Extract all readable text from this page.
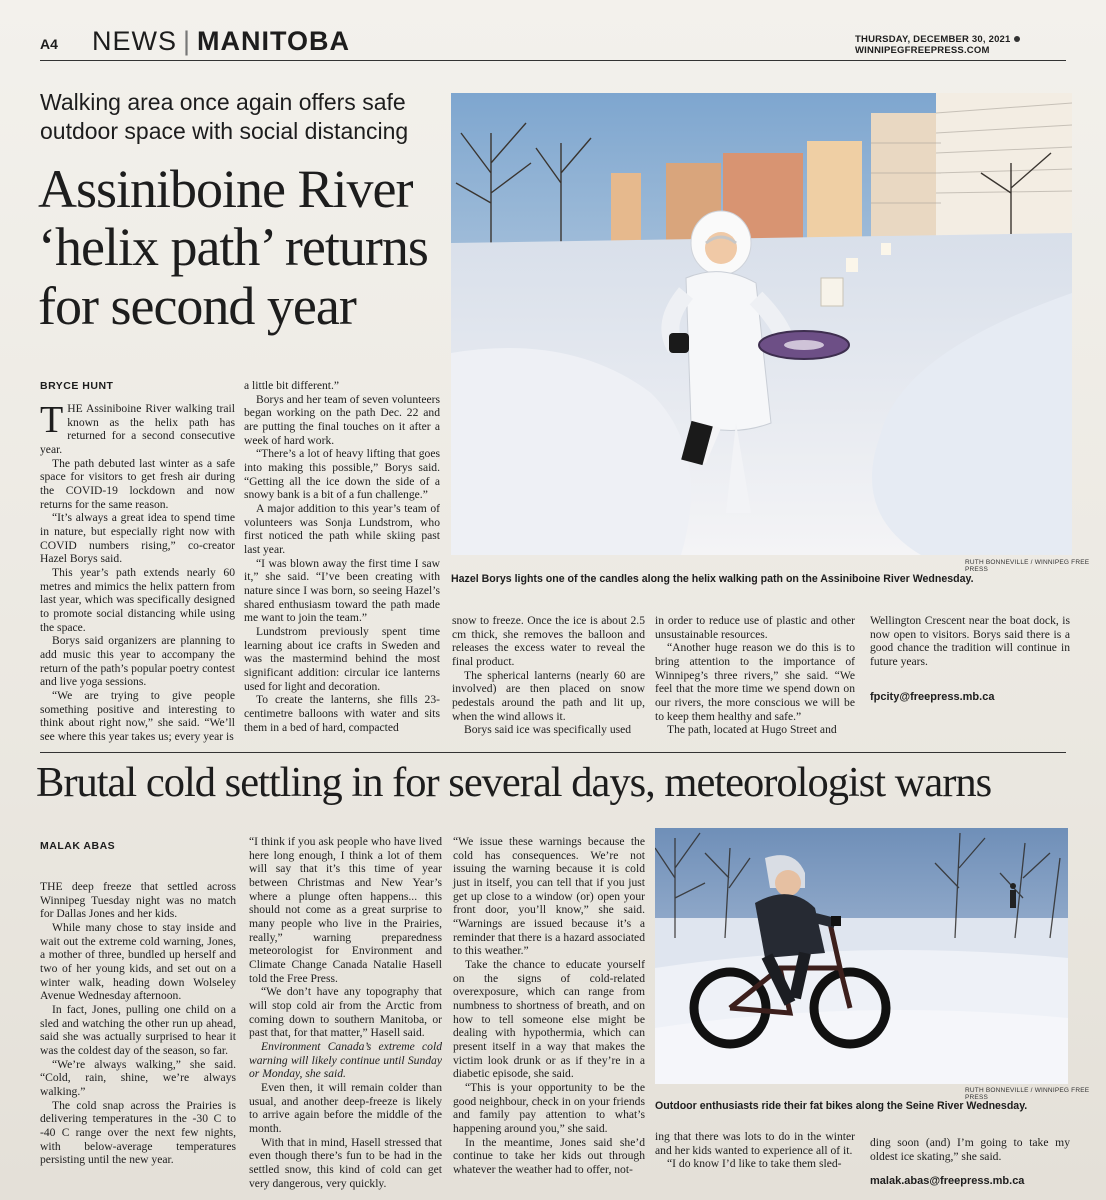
A4 NEWS | MANITOBA	THURSDAY, DECEMBER 30, 2021WINNIPEGFREEPRESS.COM
Walking area once again offers safe outdoor space with social distancing
Assiniboine River ‘helix path’ returns for second year
RUTH BONNEVILLE / WINNIPEG FREE PRESS
Hazel Borys lights one of the candles along the helix walking path on the Assiniboine River Wednesday.
BRYCE HUNT

THE Assiniboine River walking trail known as the helix path has returned for a second consecutive year.

The path debuted last winter as a safe space for visitors to get fresh air during the COVID-19 lockdown and now returns for the same reason.

“It’s always a great idea to spend time in nature, but especially right now with COVID numbers rising,” co-creator Hazel Borys said.

This year’s path extends nearly 60 metres and mimics the helix pattern from last year, which was specifically designed to promote social distancing while using the space.

Borys said organizers are planning to add music this year to accompany the return of the path’s popular poetry contest and live yoga sessions.

“We are trying to give people something positive and interesting to think about right now,” she said. “We’ll see where this year takes us; every year is

a little bit different.”

Borys and her team of seven volunteers began working on the path Dec. 22 and are putting the final touches on it after a week of hard work.

“There’s a lot of heavy lifting that goes into making this possible,” Borys said. “Getting all the ice down the side of a snowy bank is a bit of a fun challenge.”

A major addition to this year’s team of volunteers was Sonja Lundstrom, who first noticed the path while skiing past last year.

“I was blown away the first time I saw it,” she said. “I’ve been creating with nature since I was born, so seeing Hazel’s shared enthusiasm toward the path made me want to join the team.”

Lundstrom previously spent time learning about ice crafts in Sweden and was the mastermind behind the most significant addition: circular ice lanterns used for light and decoration.

To create the lanterns, she fills 23-centimetre balloons with water and sits them in a bed of hard, compacted

snow to freeze. Once the ice is about 2.5 cm thick, she removes the balloon and releases the excess water to reveal the final product.

The spherical lanterns (nearly 60 are involved) are then placed on snow pedestals around the path and lit up, when the wind allows it.

Borys said ice was specifically used

in order to reduce use of plastic and other unsustainable resources.

“Another huge reason we do this is to bring attention to the importance of Winnipeg’s three rivers,” she said. “We feel that the more time we spend down on our rivers, the more conscious we will be to keep them healthy and safe.”

The path, located at Hugo Street and

Wellington Crescent near the boat dock, is now open to visitors. Borys said there is a good chance the tradition will continue in future years.

fpcity@freepress.mb.ca

Brutal cold settling in for several days, meteorologist warns
MALAK ABAS

THE deep freeze that settled across Winnipeg Tuesday night was no match for Dallas Jones and her kids.

While many chose to stay inside and wait out the extreme cold warning, Jones, a mother of three, bundled up herself and two of her young kids, and set out on a winter walk, heading down Wolseley Avenue Wednesday afternoon.

In fact, Jones, pulling one child on a sled and watching the other run up ahead, said she was actually surprised to hear it was the coldest day of the season, so far.

“We’re always walking,” she said. “Cold, rain, shine, we’re always walking.”

The cold snap across the Prairies is delivering temperatures in the -30 C to -40 C range over the next few nights, with below-average temperatures persisting until the new year.

“I think if you ask people who have lived here long enough, I think a lot of them will say that it’s this time of year between Christmas and New Year’s where a plunge often happens... this should not come as a great surprise to many people who live in the Prairies, really,” warning preparedness meteorologist for Environment and Climate Change Canada Natalie Hasell told the Free Press.

“We don’t have any topography that will stop cold air from the Arctic from coming down to southern Manitoba, or past that, for that matter,” Hasell said.

Environment Canada’s extreme cold warning will likely continue until Sunday or Monday, she said.

Even then, it will remain colder than usual, and another deep-freeze is likely to arrive again before the middle of the month.

With that in mind, Hasell stressed that even though there’s fun to be had in the settled snow, this kind of cold can get very dangerous, very quickly.

“We issue these warnings because the cold has consequences. We’re not issuing the warning because it is cold just in itself, you can tell that if you just get up close to a window (or) open your front door, you’ll know,” she said. “Warnings are issued because it’s a reminder that there is a hazard associated to this weather.”

Take the chance to educate yourself on the signs of cold-related overexposure, which can range from numbness to shortness of breath, and on how to tell someone else might be dealing with hypothermia, which can present itself in a way that makes the victim look drunk or as if they’re in a diabetic episode, she said.

“This is your opportunity to be the good neighbour, check in on your friends and family pay attention to what’s happening around you,” she said.

In the meantime, Jones said she’d continue to take her kids out through whatever the weather had to offer, not-

RUTH BONNEVILLE / WINNIPEG FREE PRESS
Outdoor enthusiasts ride their fat bikes along the Seine River Wednesday.

ing that there was lots to do in the winter and her kids wanted to experience all of it.

“I do know I’d like to take them sled-

ding soon (and) I’m going to take my oldest ice skating,” she said.

malak.abas@freepress.mb.ca
